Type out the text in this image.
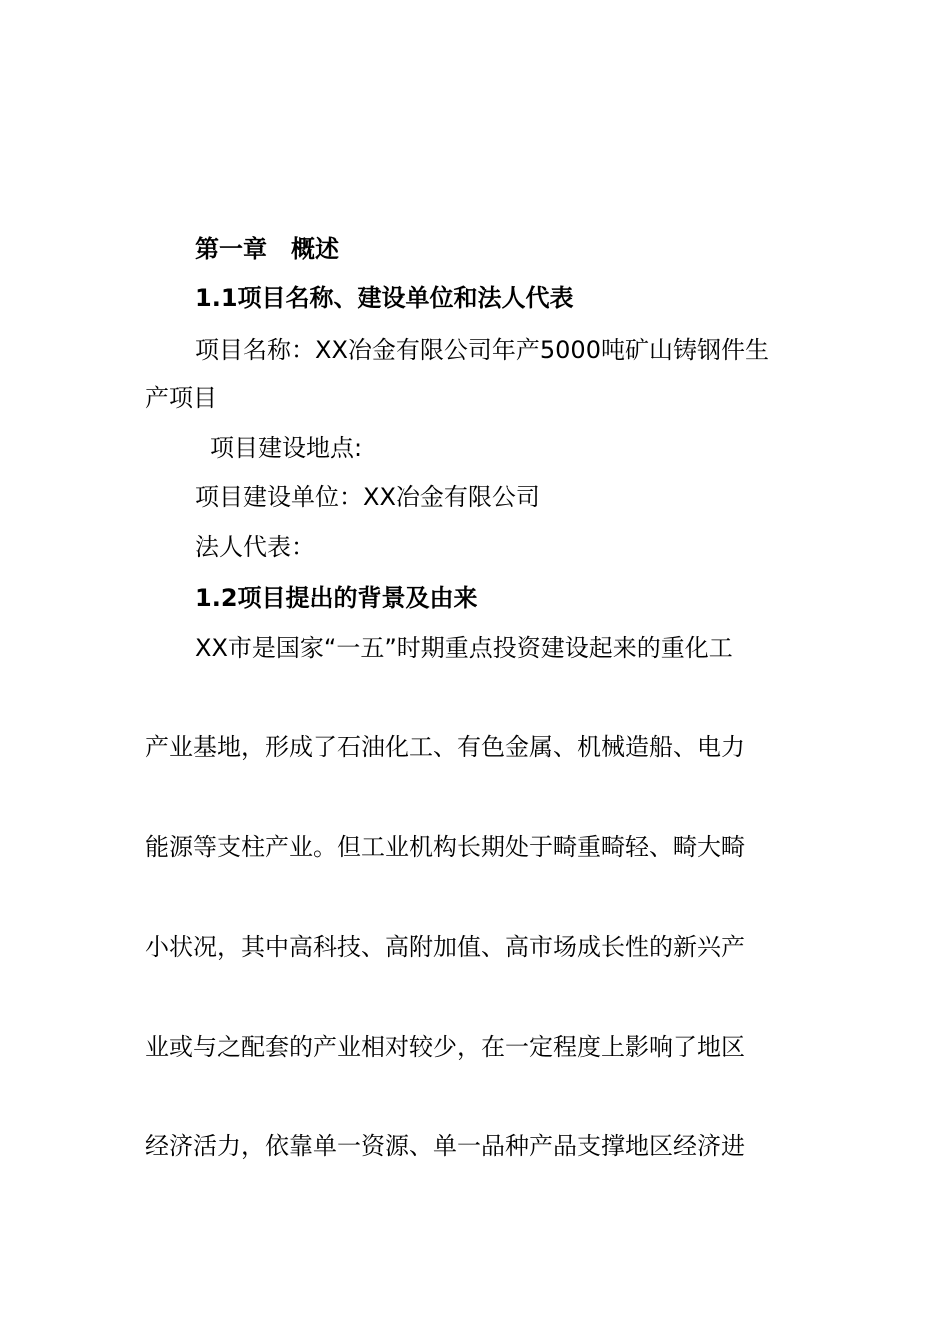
第一章　概述
1.1项目名称、建设单位和法人代表
项目名称：XX冶金有限公司年产5000吨矿山铸钢件生
产项目
项目建设地点:
项目建设单位：XX冶金有限公司
法人代表：
1.2项目提出的背景及由来
XX市是国家“一五”时期重点投资建设起来的重化工
产业基地，形成了石油化工、有色金属、机械造船、电力
能源等支柱产业。但工业机构长期处于畸重畸轻、畸大畸
小状况，其中高科技、高附加值、高市场成长性的新兴产
业或与之配套的产业相对较少，在一定程度上影响了地区
经济活力，依靠单一资源、单一品种产品支撑地区经济进
